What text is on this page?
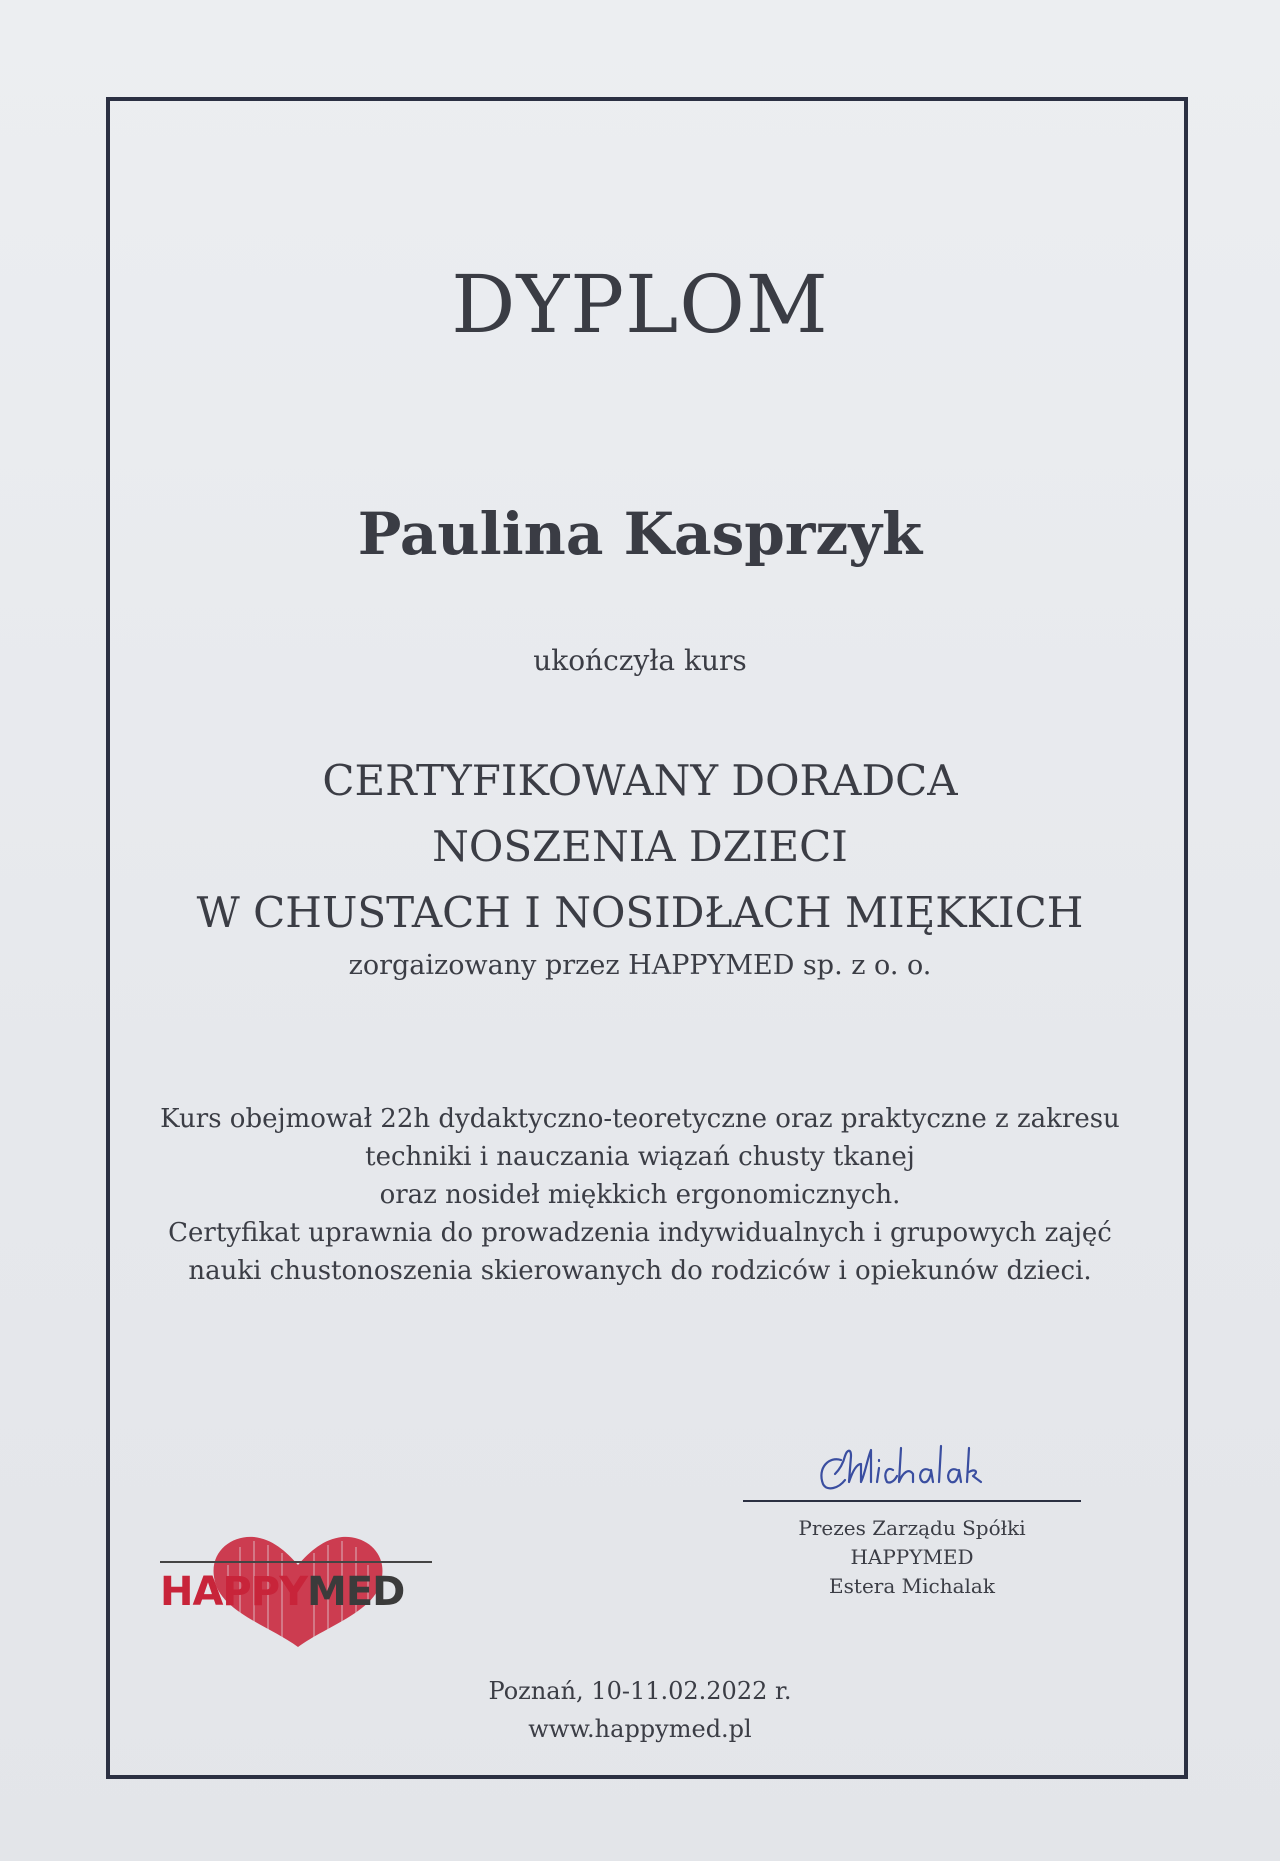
DYPLOM
Paulina Kasprzyk
ukończyła kurs
CERTYFIKOWANY DORADCA
NOSZENIA DZIECI
W CHUSTACH I NOSIDŁACH MIĘKKICH
zorgaizowany przez HAPPYMED sp. z o. o.
Kurs obejmował 22h dydaktyczno-teoretyczne oraz praktyczne z zakresu
techniki i nauczania wiązań chusty tkanej
oraz nosideł miękkich ergonomicznych.
Certyfikat uprawnia do prowadzenia indywidualnych i grupowych zajęć
nauki chustonoszenia skierowanych do rodziców i opiekunów dzieci.
Prezes Zarządu Spółki
HAPPYMED
Estera Michalak
HAPPYMED
Poznań, 10-11.02.2022 r.
www.happymed.pl
